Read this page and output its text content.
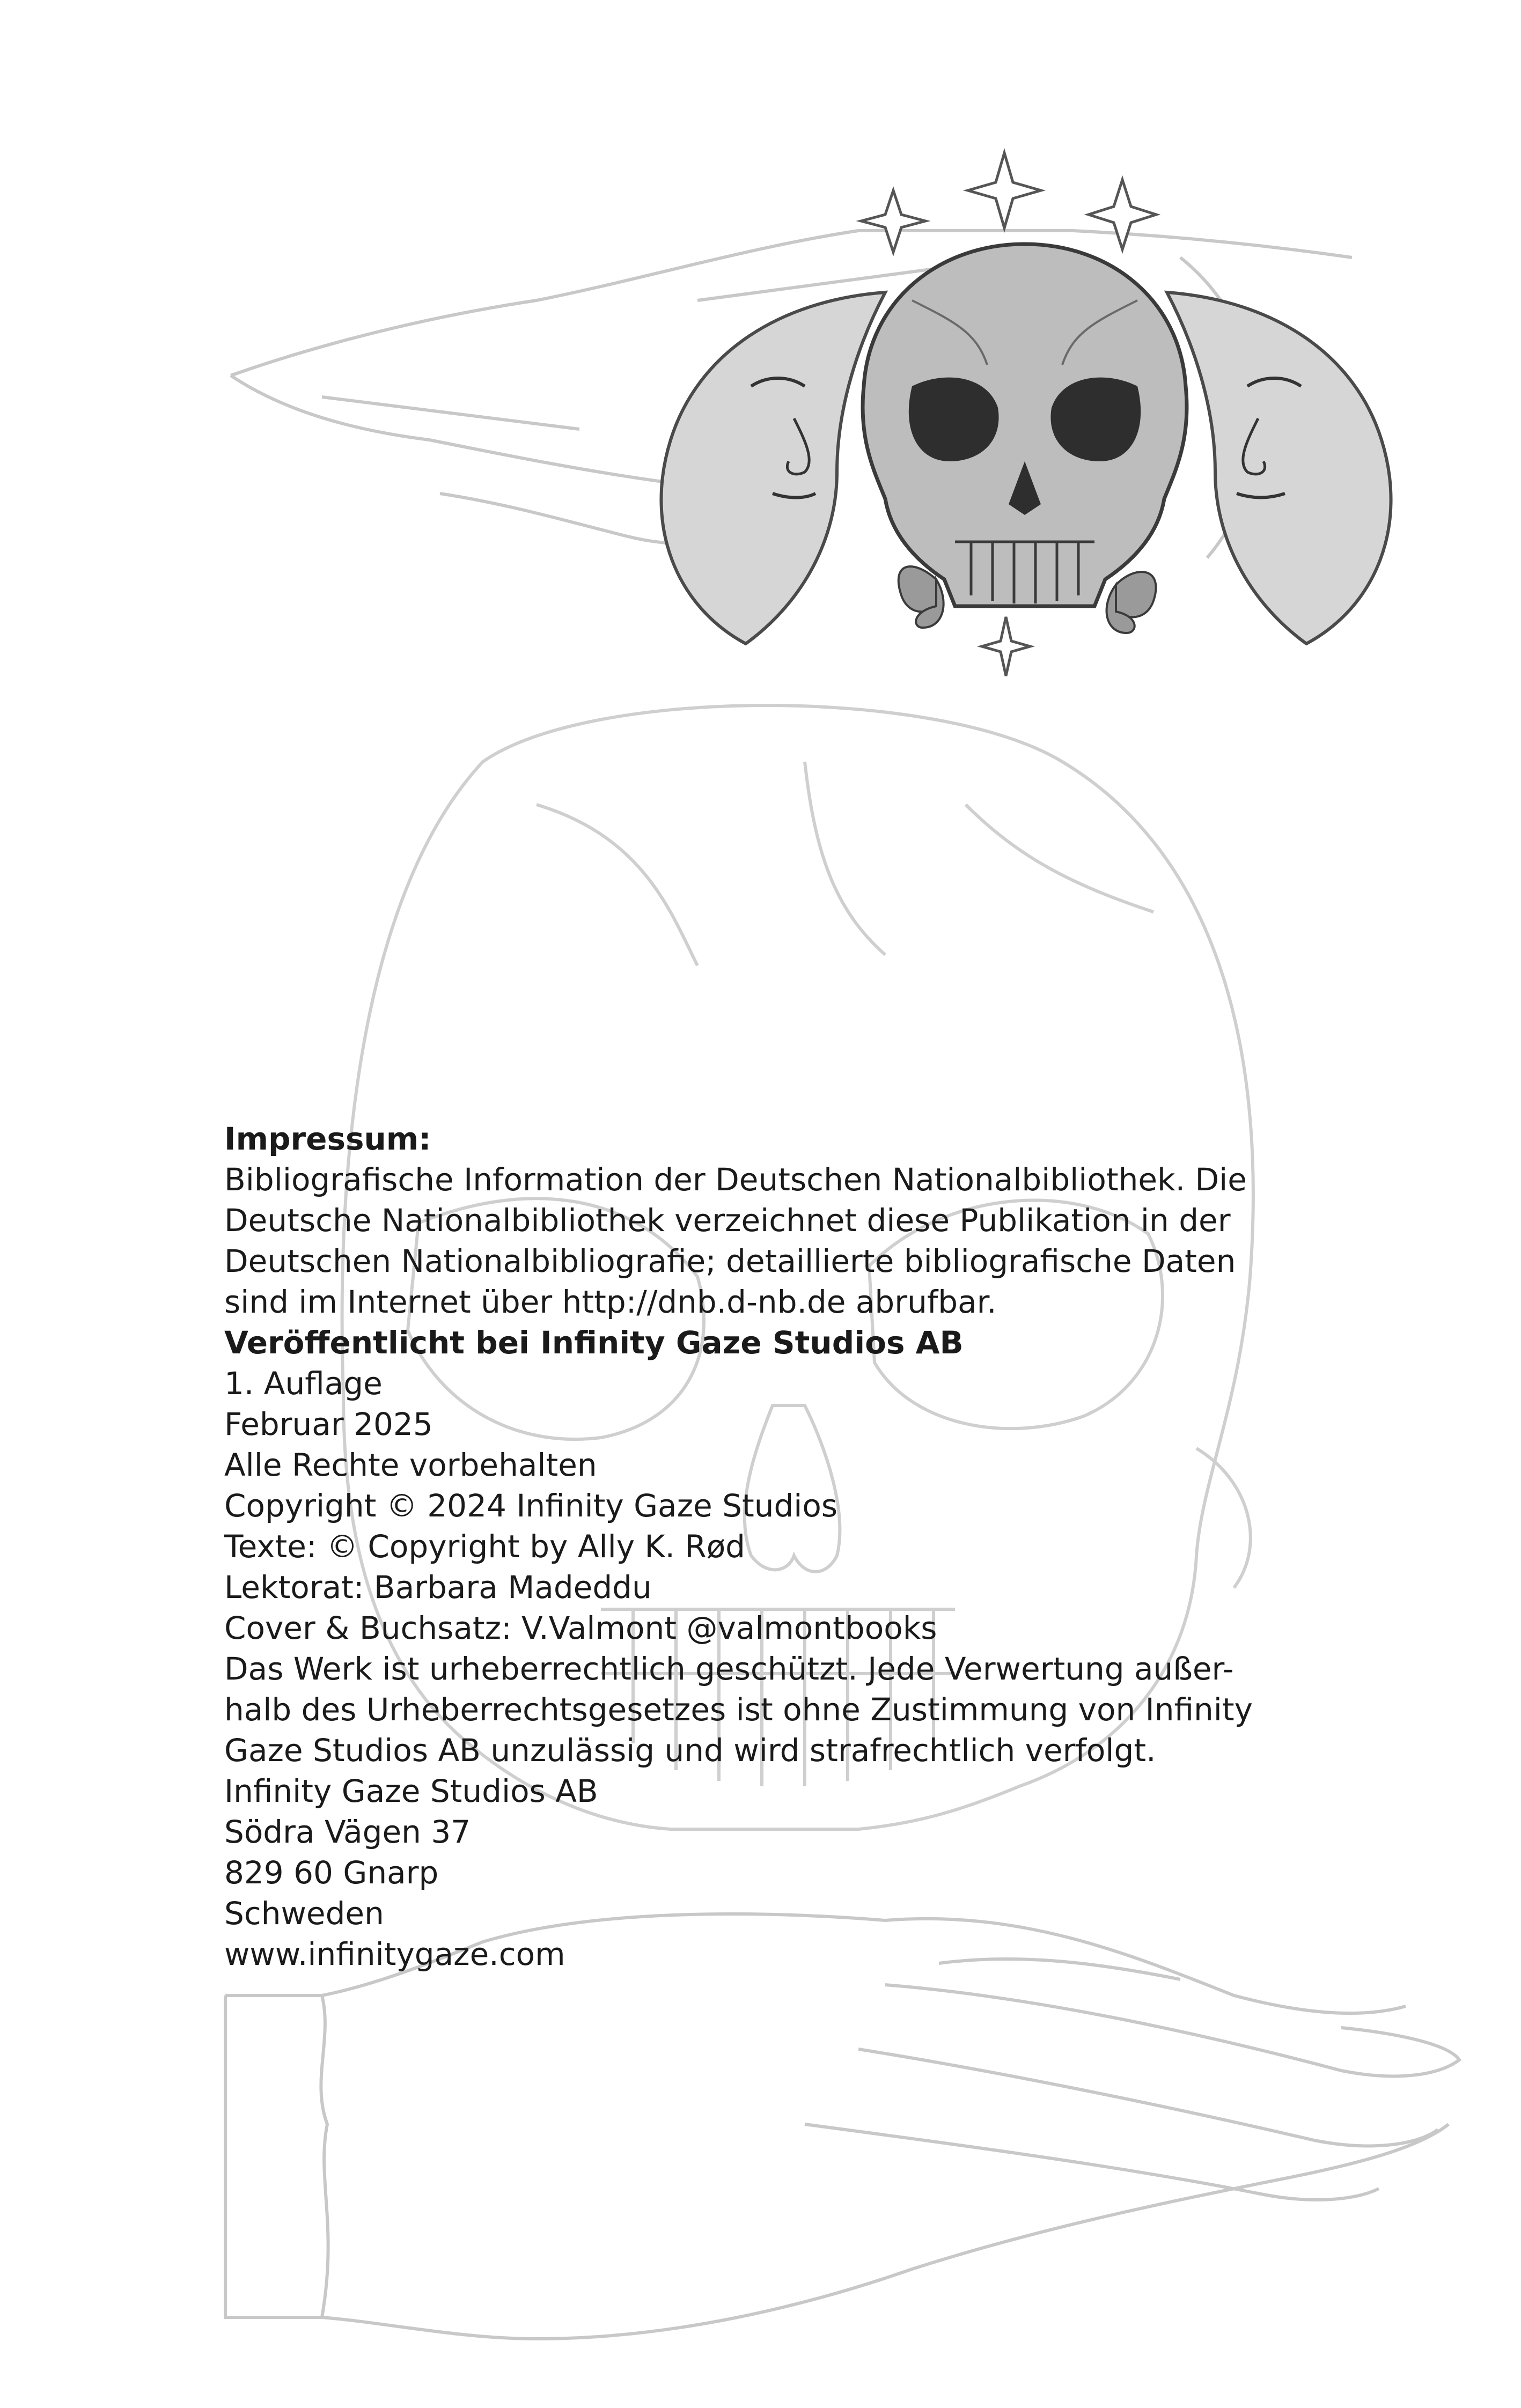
Impressum:
Bibliografische Information der Deutschen Nationalbibliothek. Die
Deutsche Nationalbibliothek verzeichnet diese Publikation in der
Deutschen Nationalbibliografie; detaillierte bibliografische Daten
sind im Internet über http://dnb.d-nb.de abrufbar.
Veröffentlicht bei Infinity Gaze Studios AB
1. Auflage
Februar 2025
Alle Rechte vorbehalten
Copyright © 2024 Infinity Gaze Studios
Texte: © Copyright by Ally K. Rød
Lektorat: Barbara Madeddu
Cover & Buchsatz: V.Valmont @valmontbooks
Das Werk ist urheberrechtlich geschützt. Jede Verwertung außer-
halb des Urheberrechtsgesetzes ist ohne Zustimmung von Infinity
Gaze Studios AB unzulässig und wird strafrechtlich verfolgt.
Infinity Gaze Studios AB
Södra Vägen 37
829 60 Gnarp
Schweden
www.infinitygaze.com
